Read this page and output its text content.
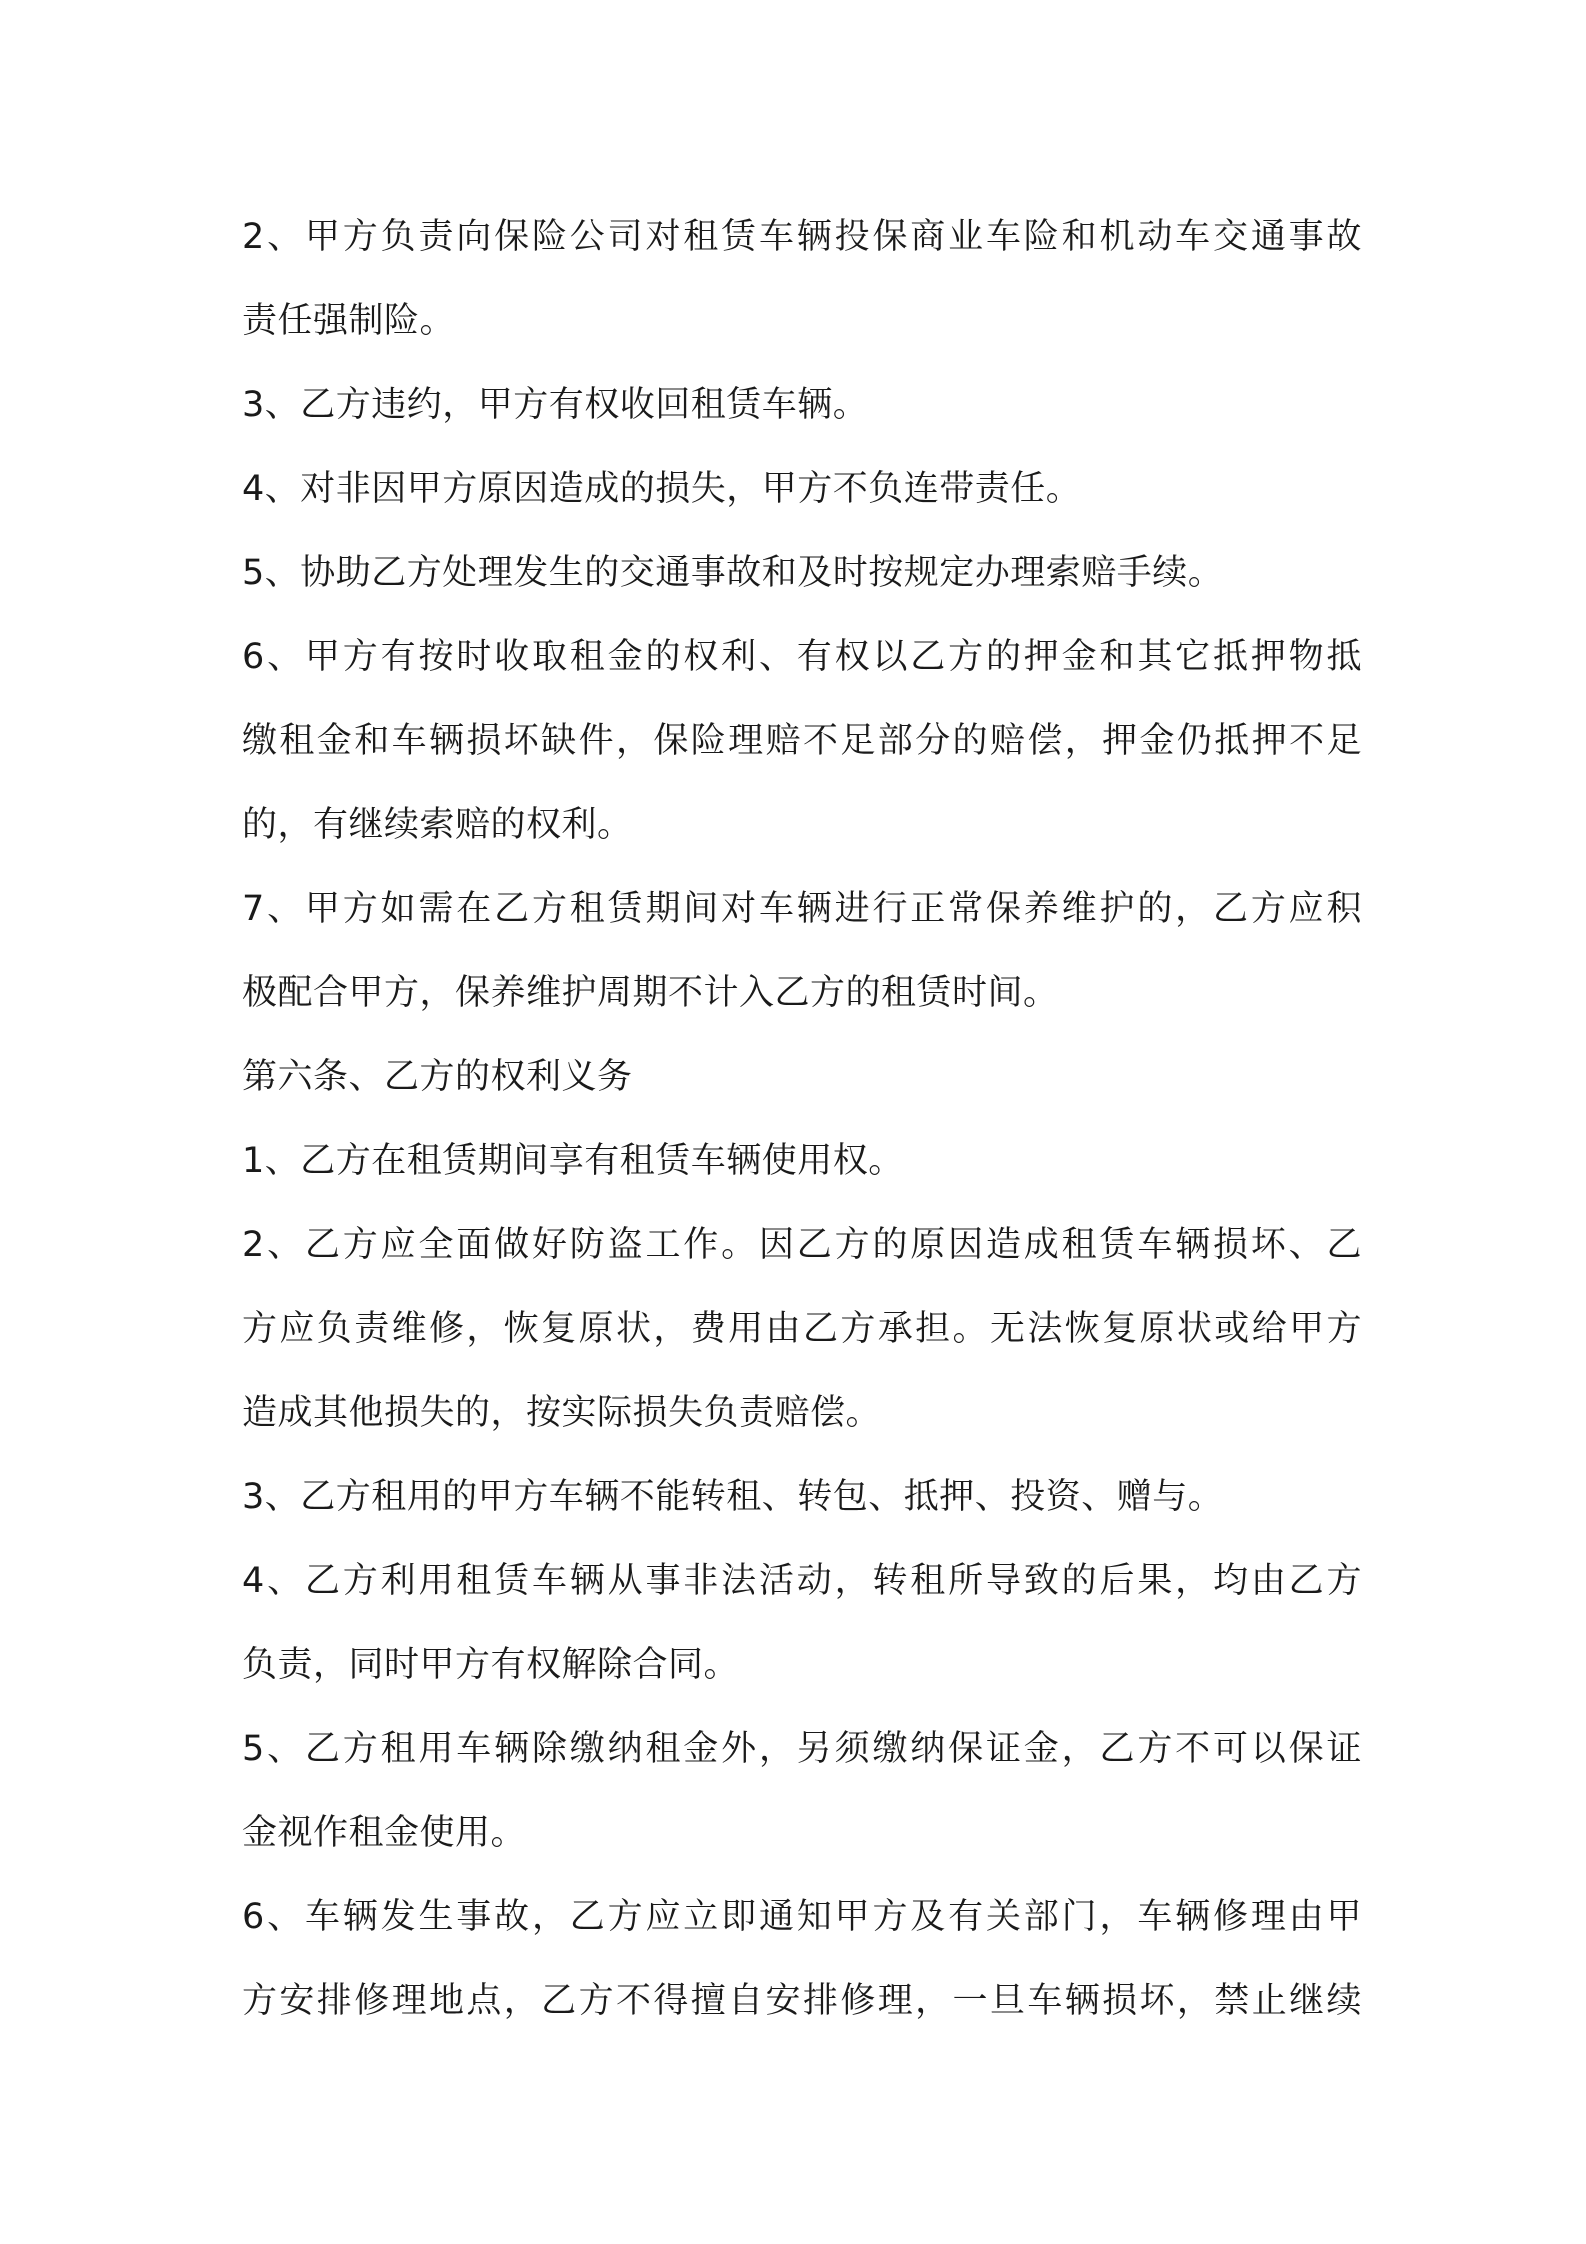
2、甲方负责向保险公司对租赁车辆投保商业车险和机动车交通事故
责任强制险。
3、乙方违约，甲方有权收回租赁车辆。
4、对非因甲方原因造成的损失，甲方不负连带责任。
5、协助乙方处理发生的交通事故和及时按规定办理索赔手续。
6、甲方有按时收取租金的权利、有权以乙方的押金和其它抵押物抵
缴租金和车辆损坏缺件，保险理赔不足部分的赔偿，押金仍抵押不足
的，有继续索赔的权利。
7、甲方如需在乙方租赁期间对车辆进行正常保养维护的，乙方应积
极配合甲方，保养维护周期不计入乙方的租赁时间。
第六条、乙方的权利义务
1、乙方在租赁期间享有租赁车辆使用权。
2、乙方应全面做好防盗工作。因乙方的原因造成租赁车辆损坏、乙
方应负责维修，恢复原状，费用由乙方承担。无法恢复原状或给甲方
造成其他损失的，按实际损失负责赔偿。
3、乙方租用的甲方车辆不能转租、转包、抵押、投资、赠与。
4、乙方利用租赁车辆从事非法活动，转租所导致的后果，均由乙方
负责，同时甲方有权解除合同。
5、乙方租用车辆除缴纳租金外，另须缴纳保证金，乙方不可以保证
金视作租金使用。
6、车辆发生事故，乙方应立即通知甲方及有关部门，车辆修理由甲
方安排修理地点，乙方不得擅自安排修理，一旦车辆损坏，禁止继续
